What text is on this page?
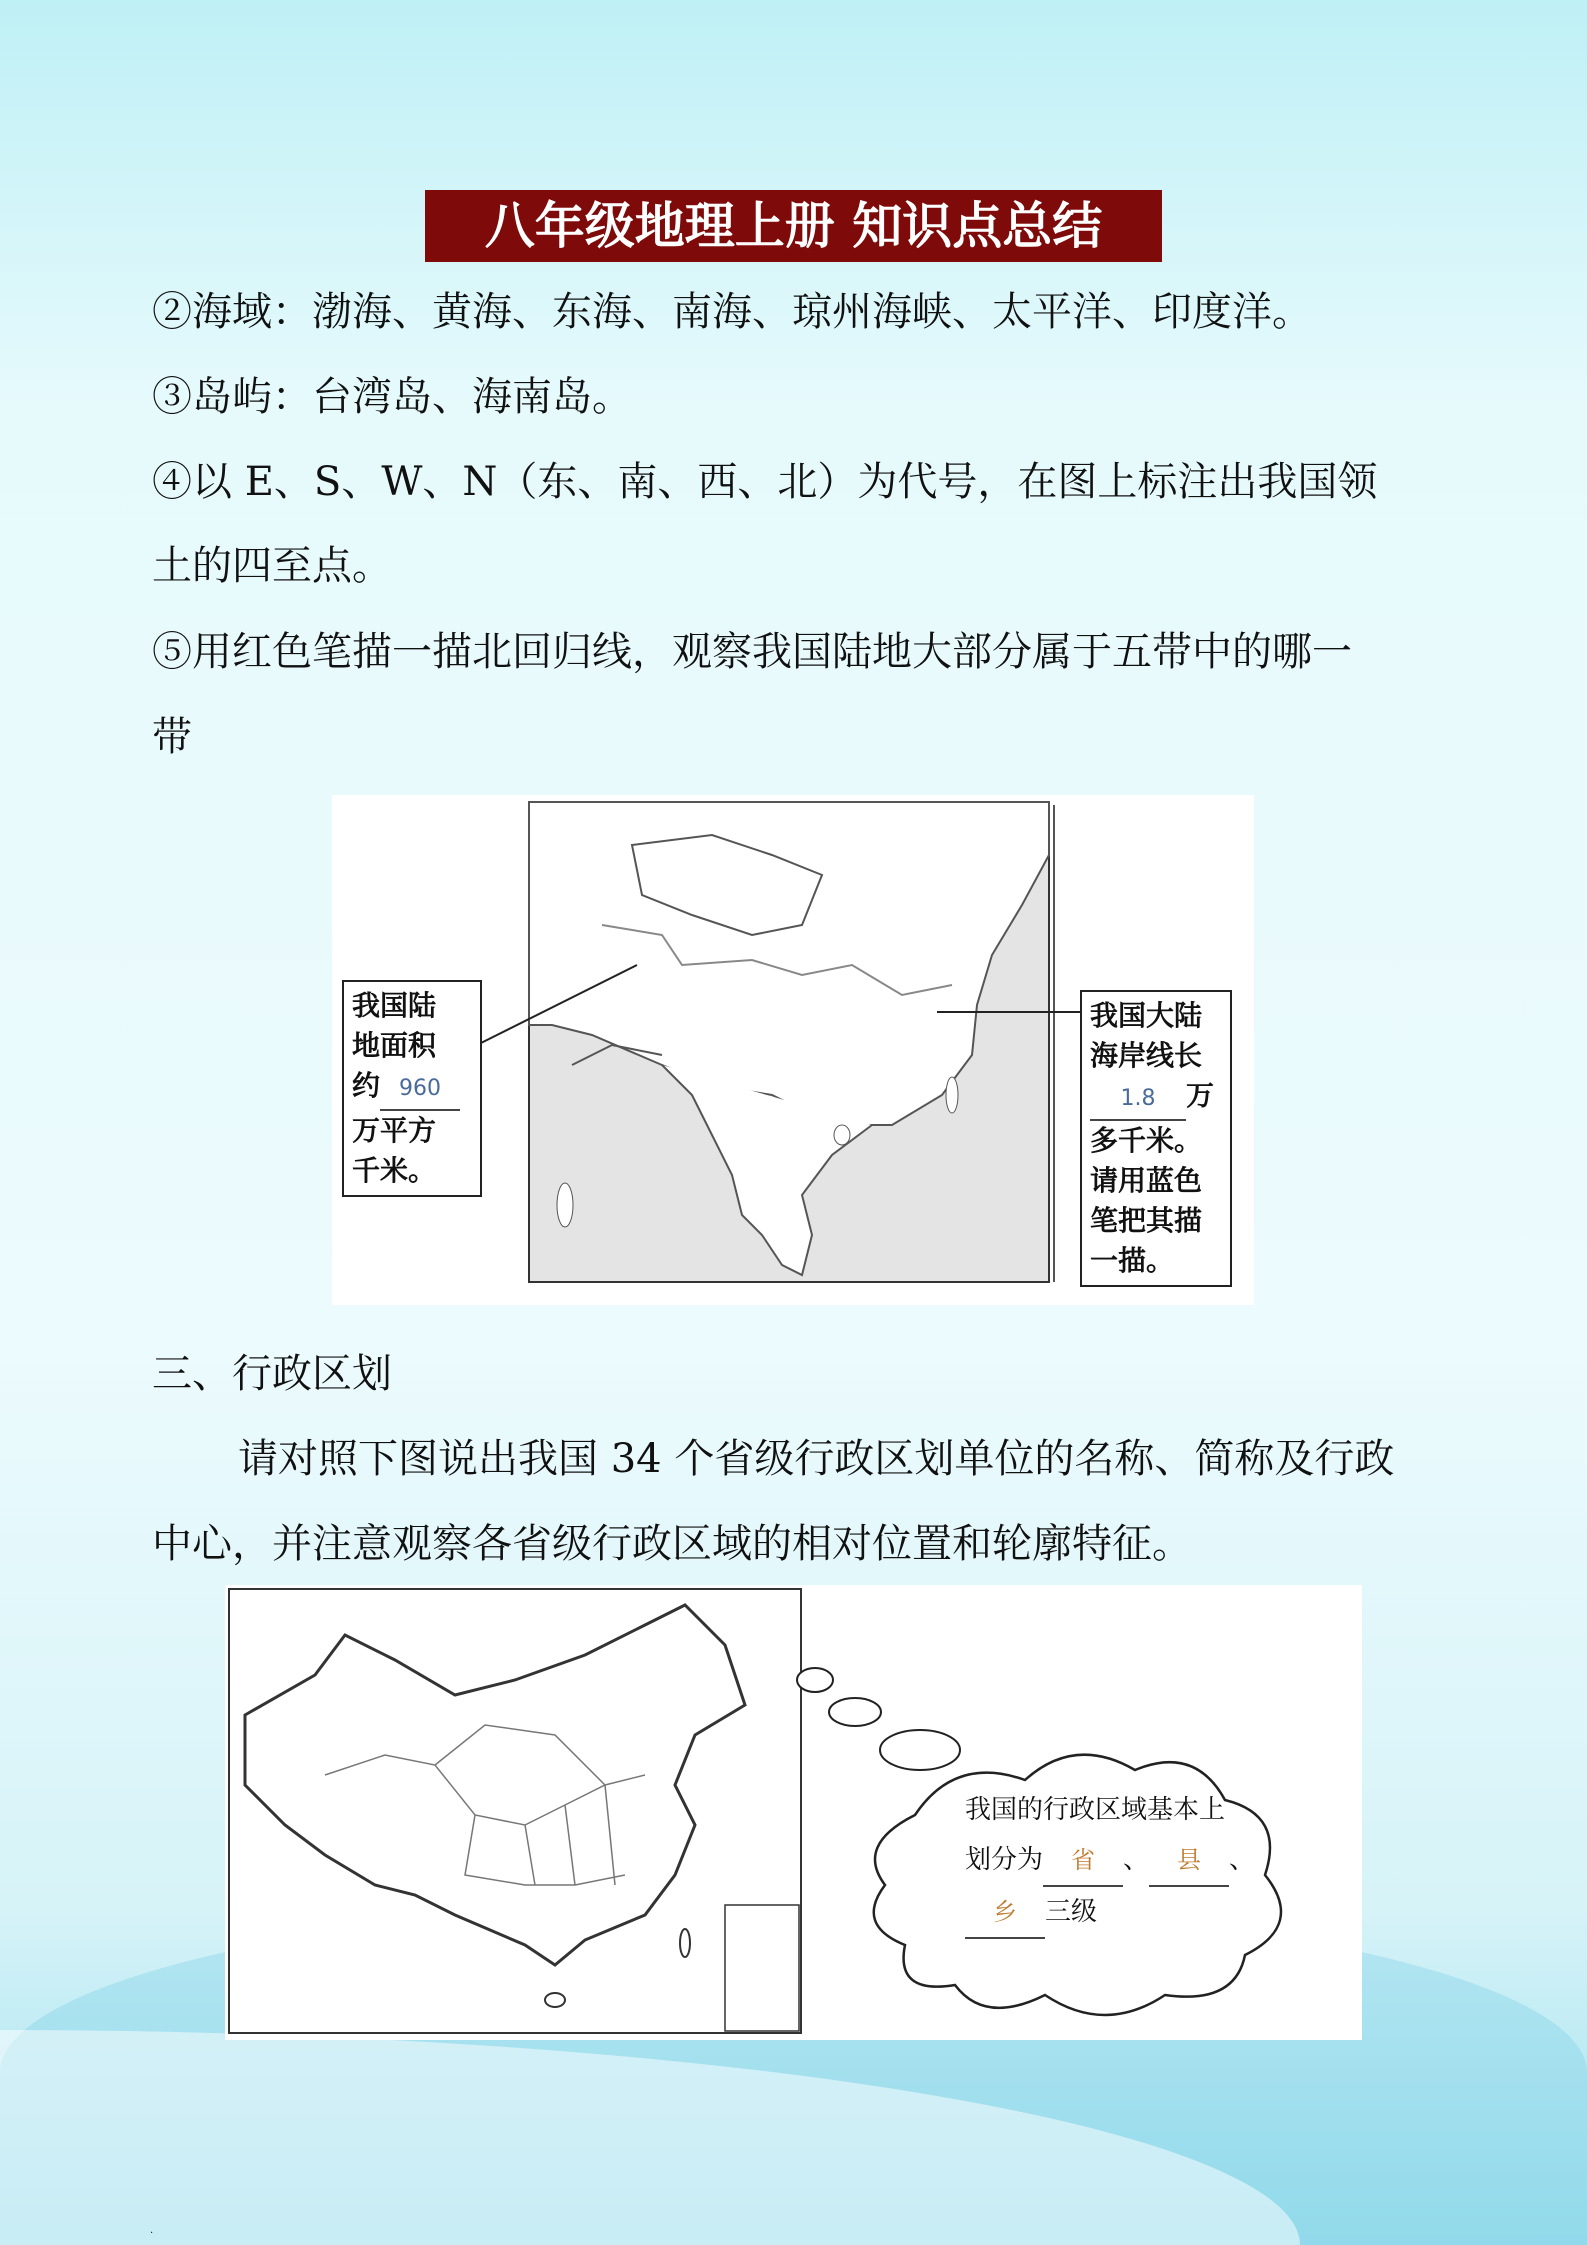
八年级地理上册 知识点总结
②海域：渤海、黄海、东海、南海、琼州海峡、太平洋、印度洋。
③岛屿：台湾岛、海南岛。
④以 E、S、W、N（东、南、西、北）为代号，在图上标注出我国领
土的四至点。
⑤用红色笔描一描北回归线，观察我国陆地大部分属于五带中的哪一
带
我国陆
地面积
约 960
万平方
千米。
我国大陆
海岸线长
1.8 万
多千米。
请用蓝色
笔把其描
一描。
三、行政区划
请对照下图说出我国 34 个省级行政区划单位的名称、简称及行政
中心，并注意观察各省级行政区域的相对位置和轮廓特征。
我国的行政区域基本上
划分为 省 、 县 、
乡 三级
.
